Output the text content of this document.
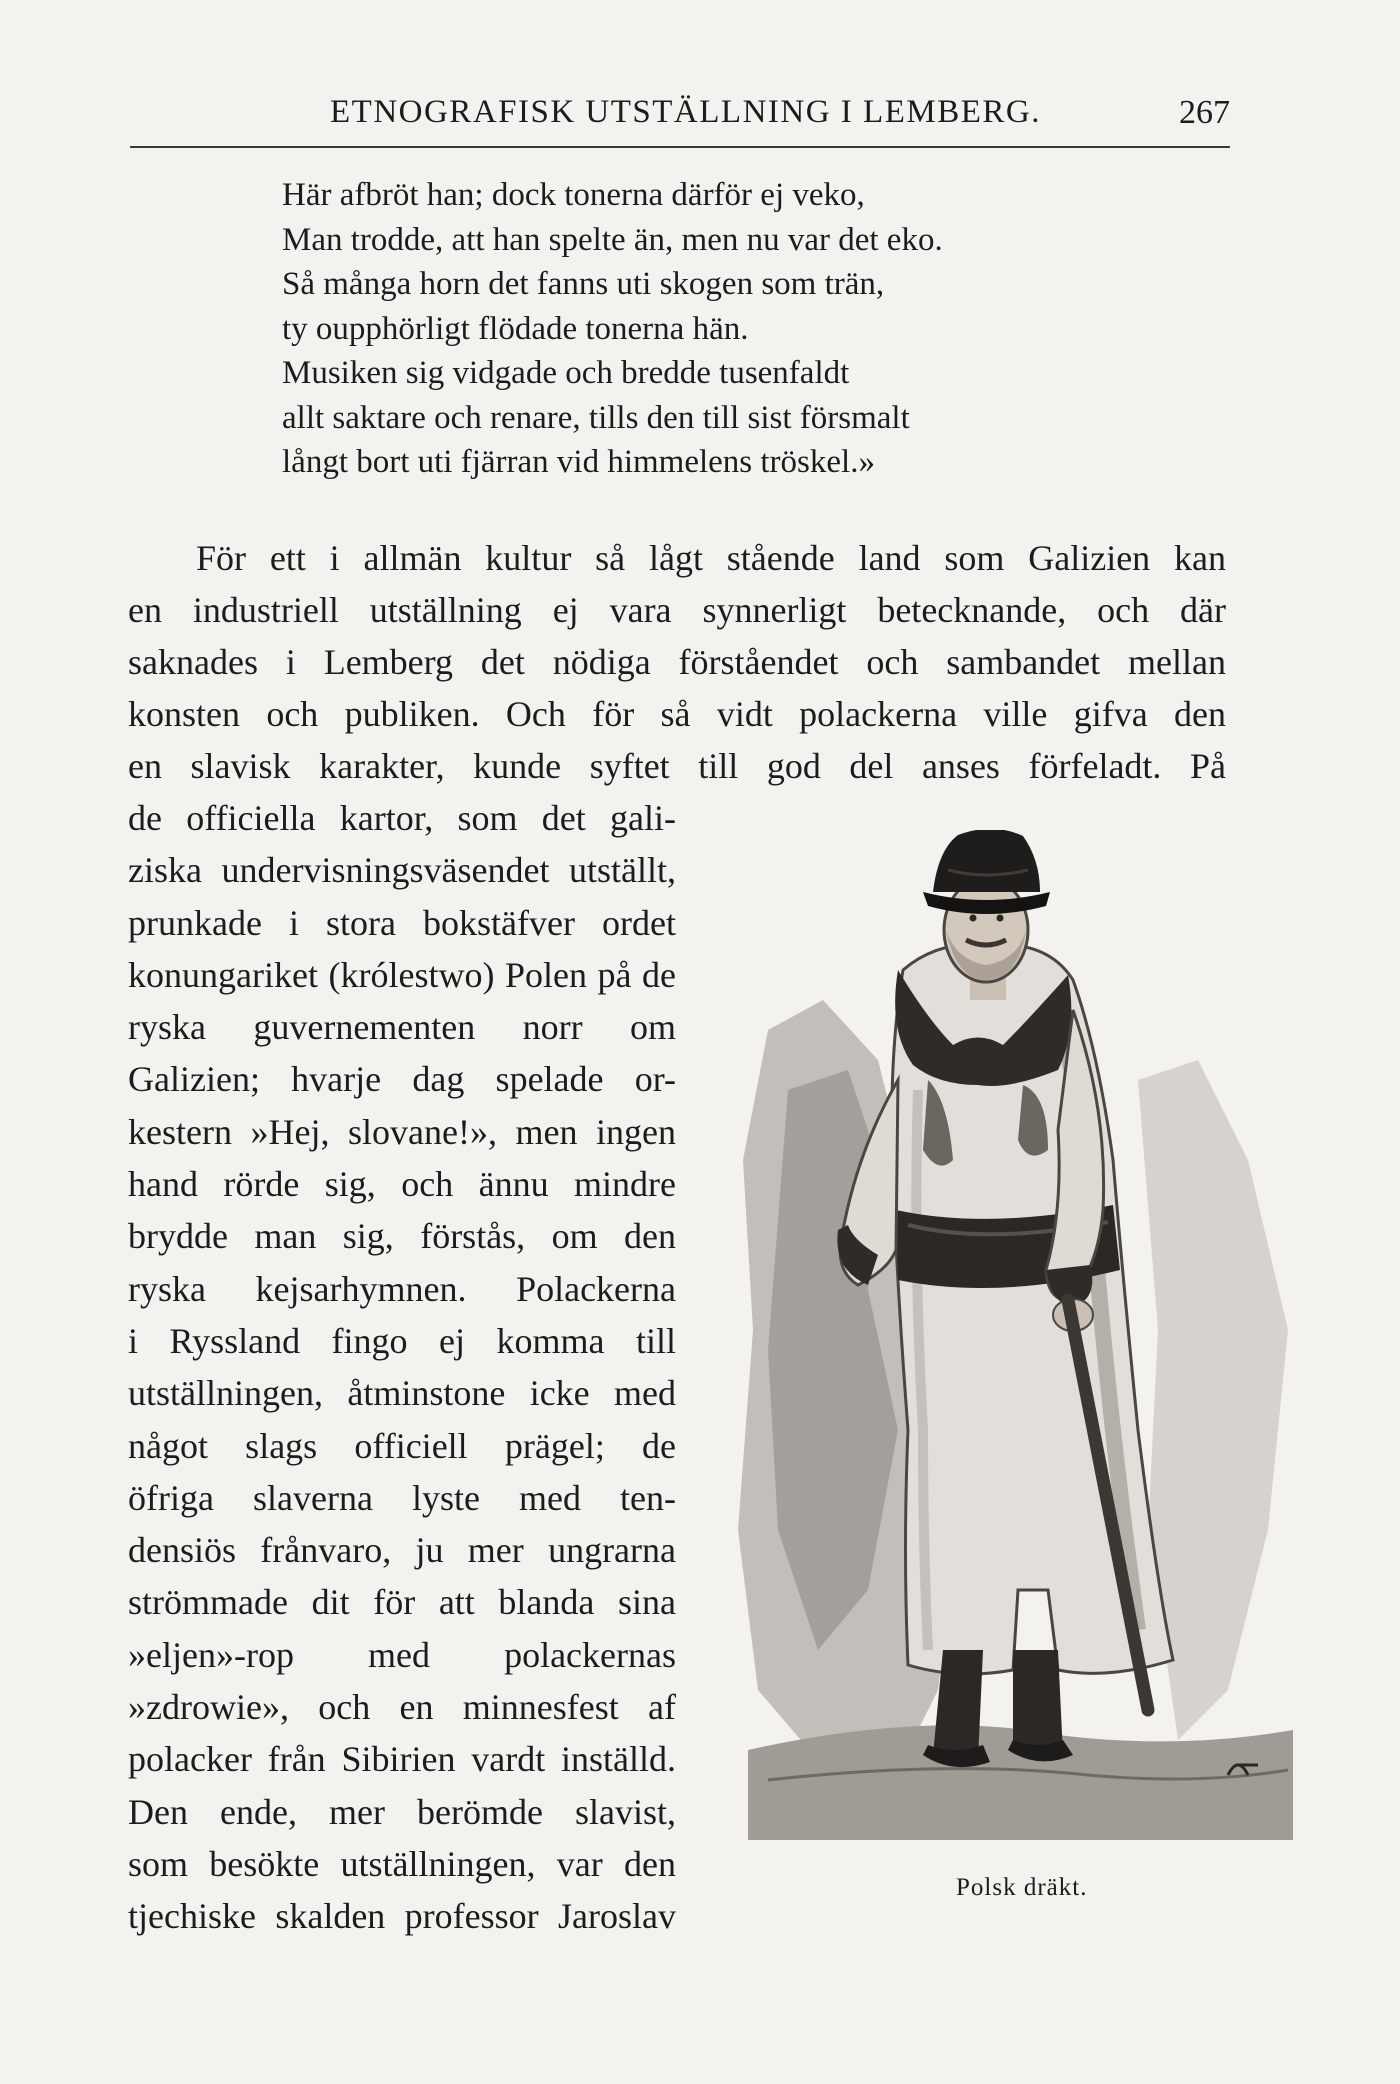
ETNOGRAFISK UTSTÄLLNING I LEMBERG.	267
Här afbröt han; dock tonerna därför ej veko,
Man trodde, att han spelte än, men nu var det eko.
Så många horn det fanns uti skogen som trän,
ty oupphörligt flödade tonerna hän.
Musiken sig vidgade och bredde tusenfaldt
allt saktare och renare, tills den till sist försmalt
långt bort uti fjärran vid himmelens tröskel.»
För ett i allmän kultur så lågt stående land som Galizien kan
en industriell utställning ej vara synnerligt betecknande, och där
saknades i Lemberg det nödiga förståendet och sambandet mellan
konsten och publiken. Och för så vidt polackerna ville gifva den
en slavisk karakter, kunde syftet till god del anses förfeladt. På
de officiella kartor, som det gali-
ziska undervisningsväsendet utställt,
prunkade i stora bokstäfver ordet
konungariket (królestwo) Polen på de
ryska guvernementen norr om
Galizien; hvarje dag spelade or-
kestern »Hej, slovane!», men ingen
hand rörde sig, och ännu mindre
brydde man sig, förstås, om den
ryska kejsarhymnen. Polackerna
i Ryssland fingo ej komma till
utställningen, åtminstone icke med
något slags officiell prägel; de
öfriga slaverna lyste med ten-
densiös frånvaro, ju mer ungrarna
strömmade dit för att blanda sina
»eljen»-rop med polackernas
»zdrowie», och en minnesfest af
polacker från Sibirien vardt inställd.
Den ende, mer berömde slavist,
som besökte utställningen, var den
tjechiske skalden professor Jaroslav
Polsk dräkt.
